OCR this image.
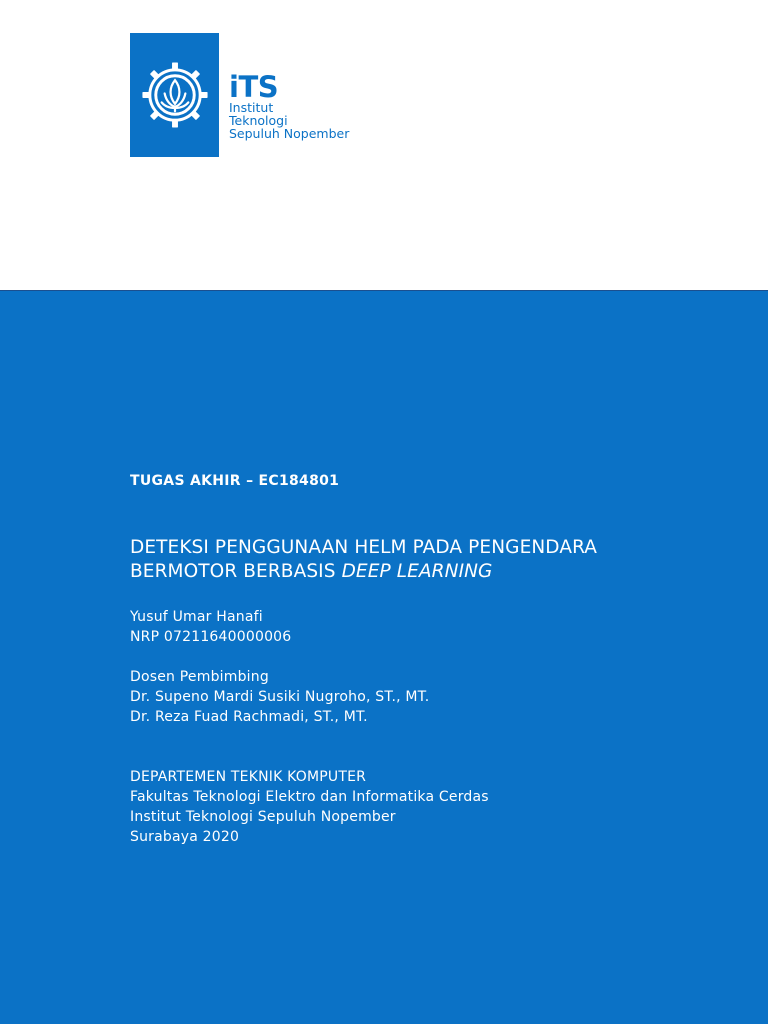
iTS
Institut
Teknologi
Sepuluh Nopember
TUGAS AKHIR – EC184801
DETEKSI PENGGUNAAN HELM PADA PENGENDARA
BERMOTOR BERBASIS DEEP LEARNING
Yusuf Umar Hanafi
NRP 07211640000006
Dosen Pembimbing
Dr. Supeno Mardi Susiki Nugroho, ST., MT.
Dr. Reza Fuad Rachmadi, ST., MT.
DEPARTEMEN TEKNIK KOMPUTER
Fakultas Teknologi Elektro dan Informatika Cerdas
Institut Teknologi Sepuluh Nopember
Surabaya 2020
